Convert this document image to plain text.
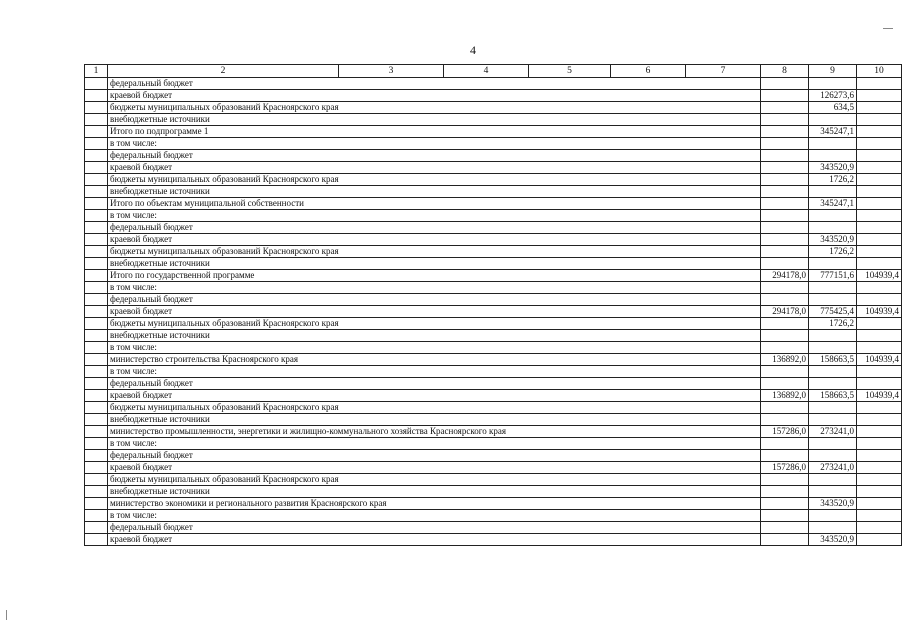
4
1	2	3	4	5	6	7	8	9	10
	федеральный бюджет								
	краевой бюджет							126273,6	
	бюджеты муниципальных образований Красноярского края							634,5	
	внебюджетные источники								
	Итого по подпрограмме 1							345247,1	
	в том числе:								
	федеральный бюджет								
	краевой бюджет							343520,9	
	бюджеты муниципальных образований Красноярского края							1726,2	
	внебюджетные источники								
	Итого по объектам муниципальной собственности							345247,1	
	в том числе:								
	федеральный бюджет								
	краевой бюджет							343520,9	
	бюджеты муниципальных образований Красноярского края							1726,2	
	внебюджетные источники								
	Итого по государственной программе						294178,0	777151,6	104939,4
	в том числе:								
	федеральный бюджет								
	краевой бюджет						294178,0	775425,4	104939,4
	бюджеты муниципальных образований Красноярского края							1726,2	
	внебюджетные источники								
	в том числе:								
	министерство строительства Красноярского края						136892,0	158663,5	104939,4
	в том числе:								
	федеральный бюджет								
	краевой бюджет						136892,0	158663,5	104939,4
	бюджеты муниципальных образований Красноярского края								
	внебюджетные источники								
	министерство промышленности, энергетики и жилищно-коммунального хозяйства Красноярского края						157286,0	273241,0	
	в том числе:								
	федеральный бюджет								
	краевой бюджет						157286,0	273241,0	
	бюджеты муниципальных образований Красноярского края								
	внебюджетные источники								
	министерство экономики и регионального развития Красноярского края							343520,9	
	в том числе:								
	федеральный бюджет								
	краевой бюджет							343520,9	
